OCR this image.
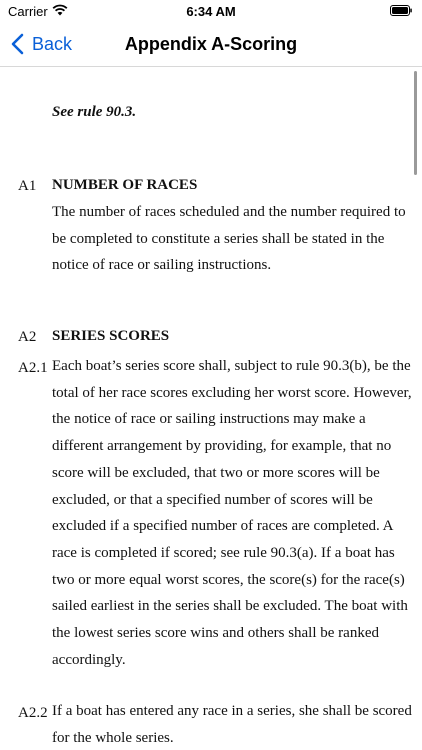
Carrier	6:34 AM
Back	Appendix A-Scoring
See rule 90.3.
A1 NUMBER OF RACES
The number of races scheduled and the number required to be completed to constitute a series shall be stated in the notice of race or sailing instructions.
A2 SERIES SCORES
A2.1 Each boat’s series score shall, subject to rule 90.3(b), be the total of her race scores excluding her worst score. However, the notice of race or sailing instructions may make a different arrangement by providing, for example, that no score will be excluded, that two or more scores will be excluded, or that a specified number of scores will be excluded if a specified number of races are completed. A race is completed if scored; see rule 90.3(a). If a boat has two or more equal worst scores, the score(s) for the race(s) sailed earliest in the series shall be excluded. The boat with the lowest series score wins and others shall be ranked accordingly.
A2.2 If a boat has entered any race in a series, she shall be scored for the whole series.
